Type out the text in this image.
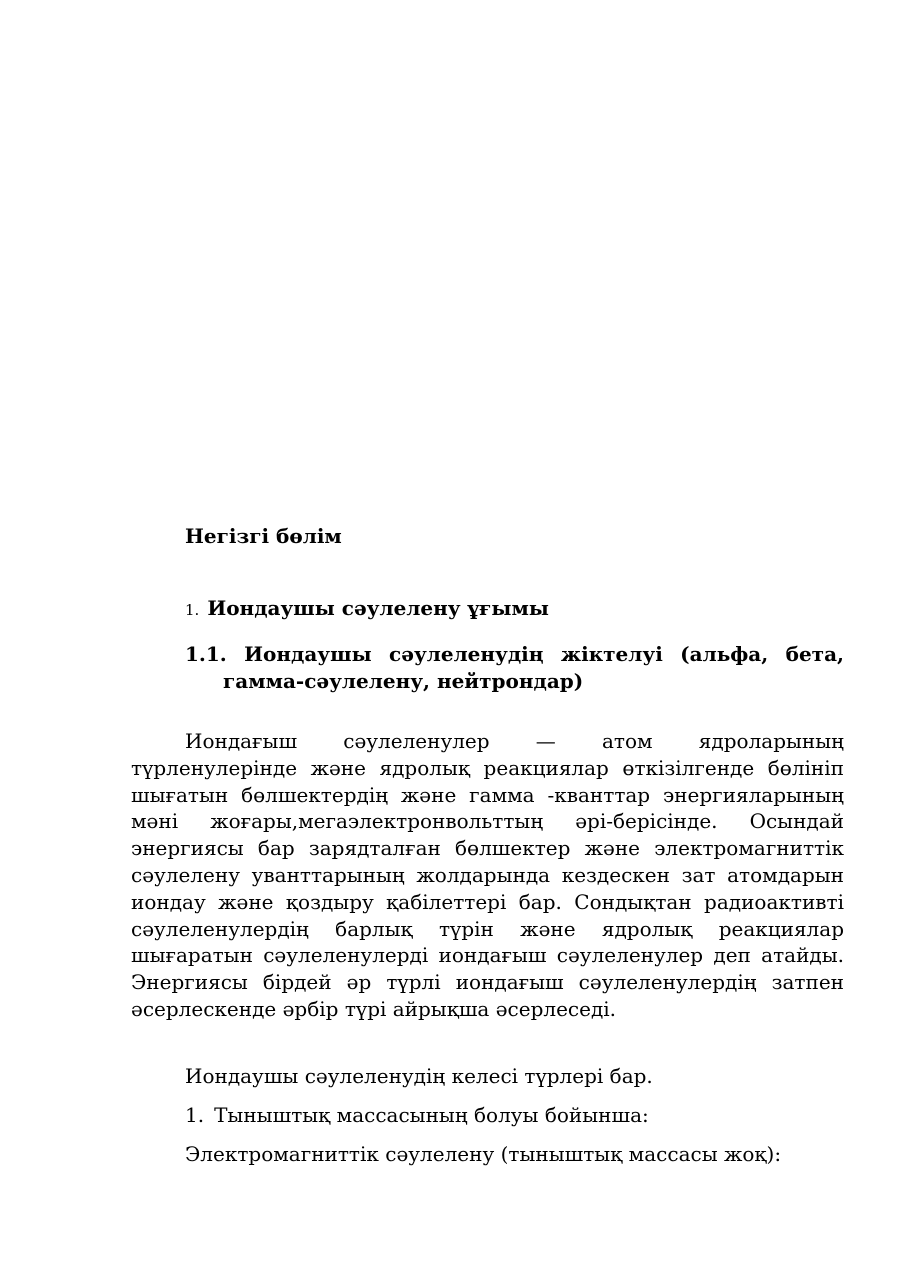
Негізгі бөлім
1. Иондаушы сәулелену ұғымы
1.1. Иондаушы сәулеленудің жіктелуі (альфа, бета,
гамма-сәулелену, нейтрондар)

Иондағыш сәулеленулер — атом ядроларының түрленулерінде және ядролық реакциялар өткізілгенде бөлініп шығатын бөлшектердің және гамма -кванттар энергияларының мәні жоғары,мегаэлектронвольттың әрі-берісінде. Осындай энергиясы бар зарядталған бөлшектер және электромагниттік сәулелену уванттарының жолдарында кездескен зат атомдарын иондау және қоздыру қабілеттері бар. Сондықтан радиоактивті сәулеленулердің барлық түрін және ядролық реакциялар шығаратын сәулеленулерді иондағыш сәулеленулер деп атайды. Энергиясы бірдей әр түрлі иондағыш сәулеленулердің затпен әсерлескенде әрбір түрі айрықша әсерлеседі.

Иондаушы сәулеленудің келесі түрлері бар.

1. Тыныштық массасының болуы бойынша:

Электромагниттік сәулелену (тыныштық массасы жоқ):
